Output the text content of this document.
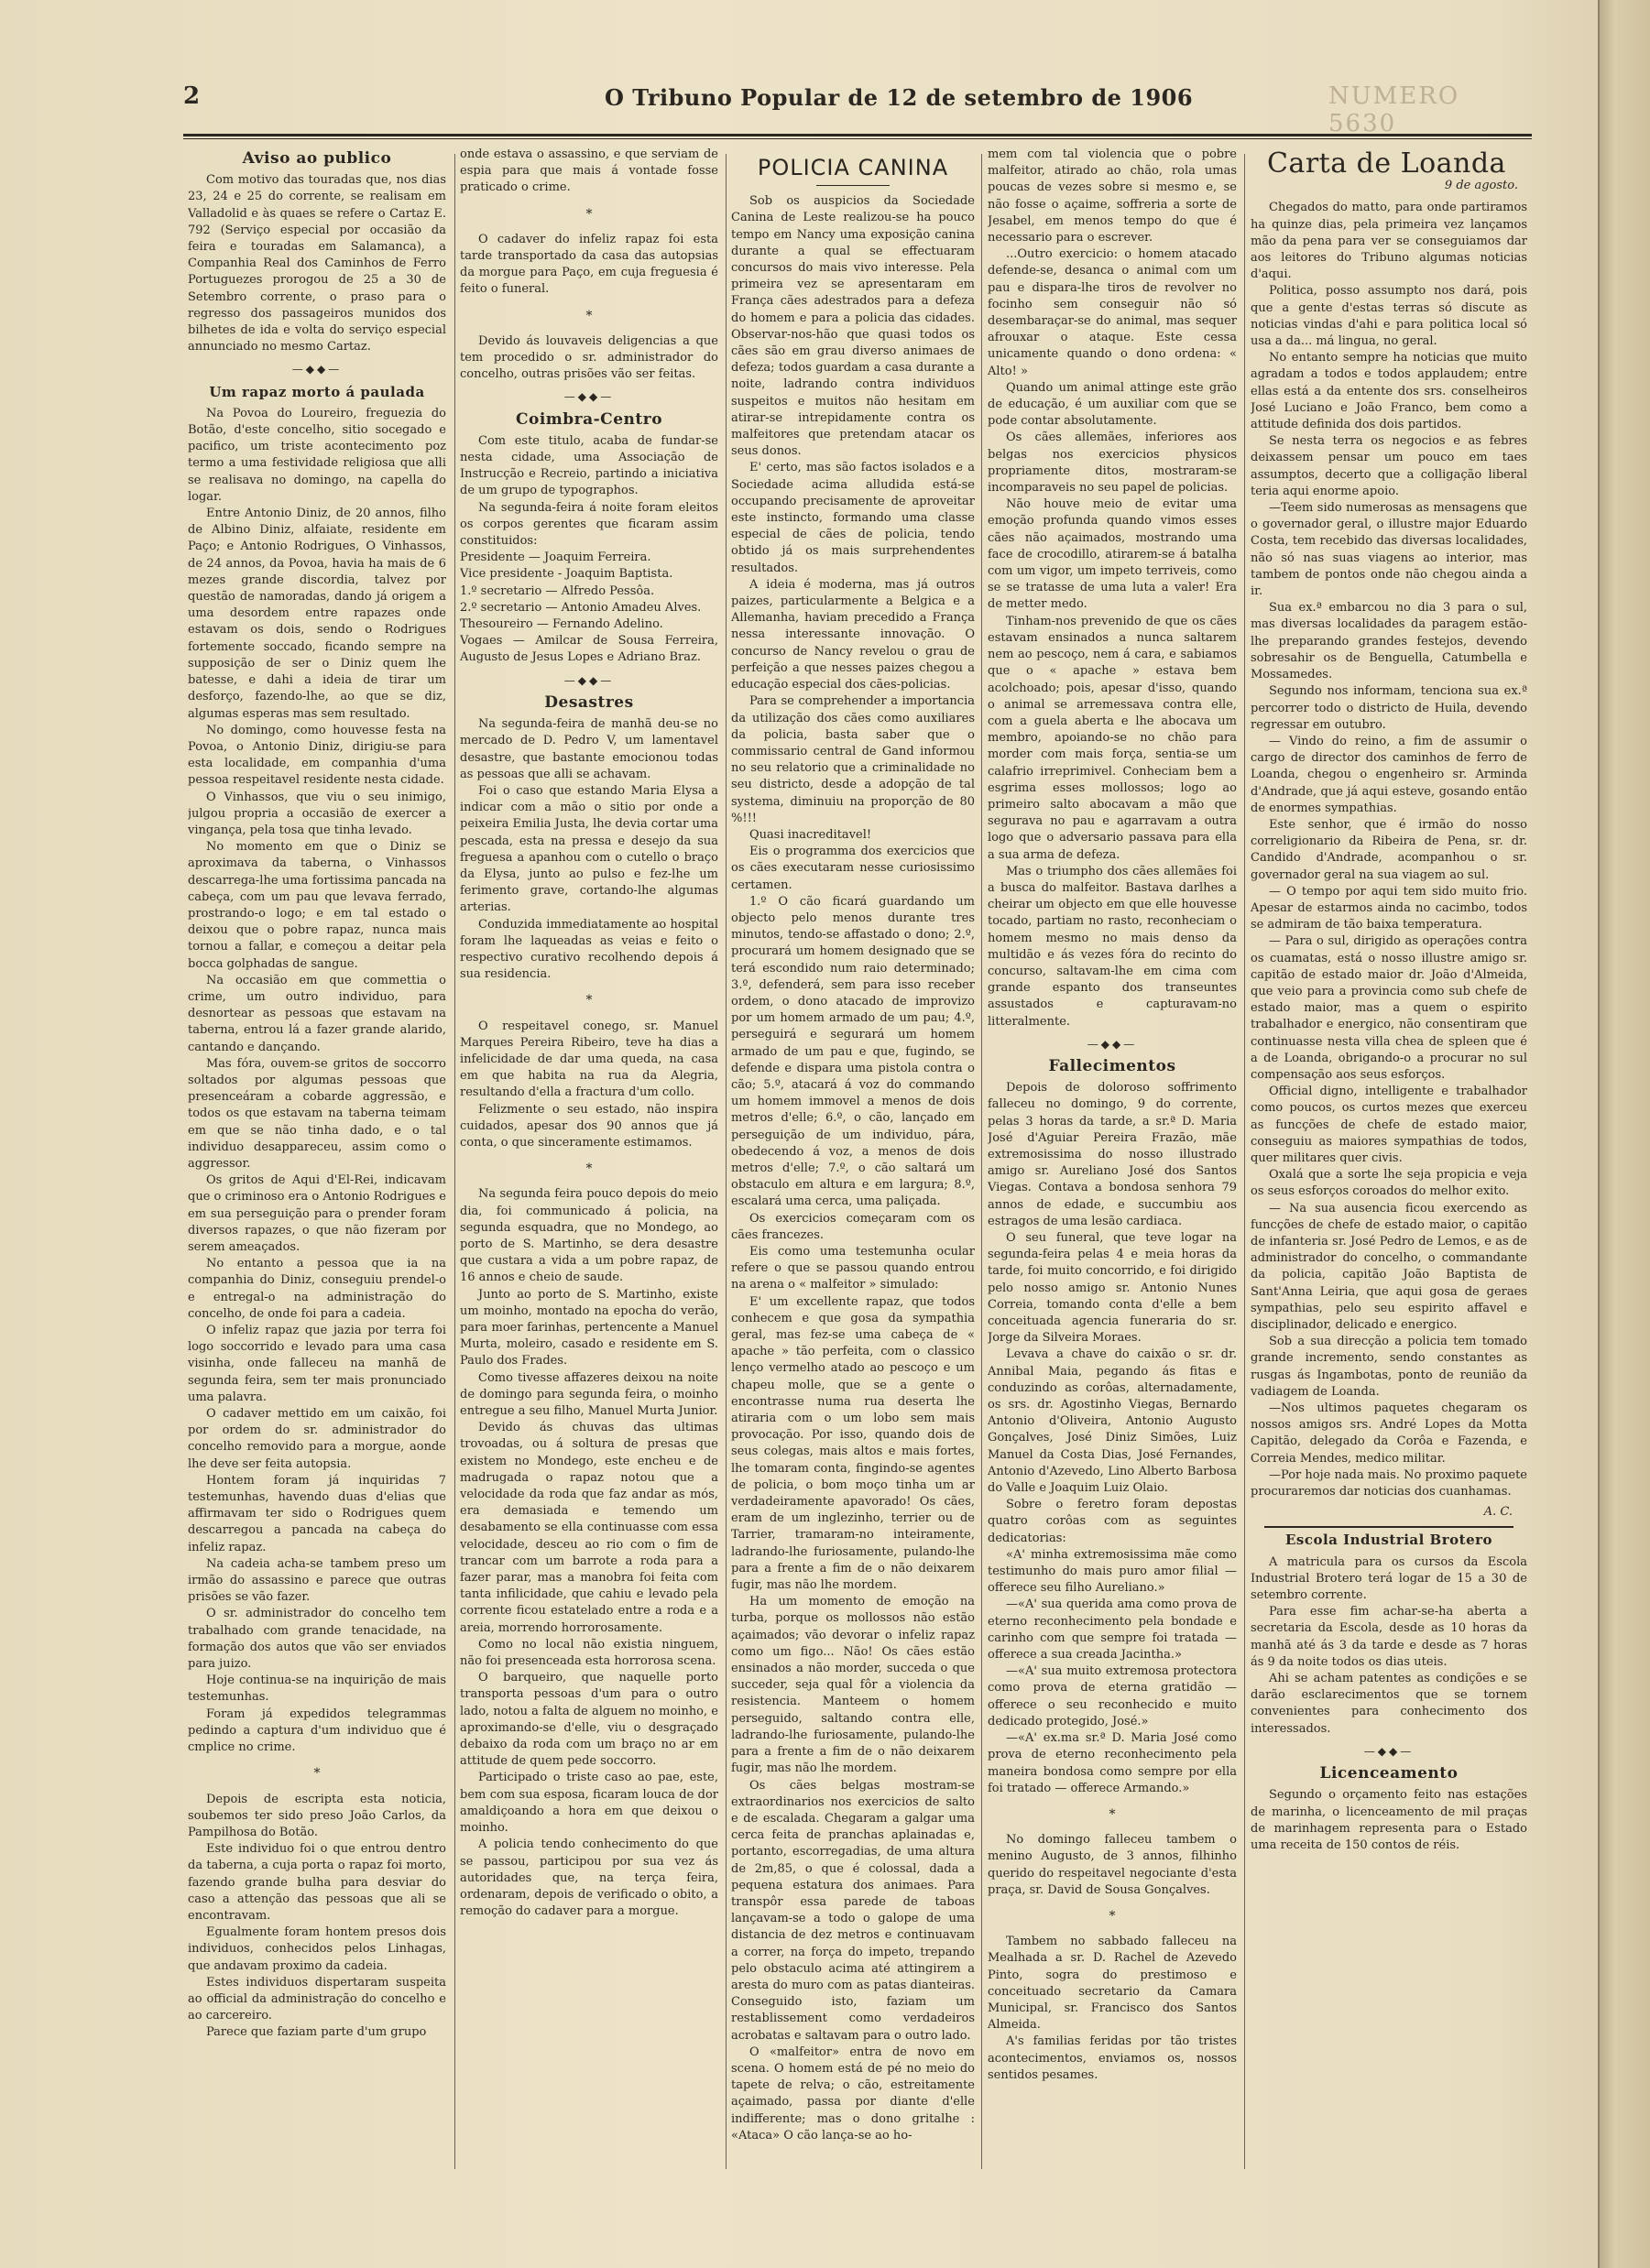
2	O Tribuno Popular de 12 de setembro de 1906	NUMERO 5630
Aviso ao publico

Com motivo das touradas que, nos dias 23, 24 e 25 do corrente, se realisam em Valladolid e às quaes se refere o Cartaz E. 792 (Serviço especial por occasião da feira e touradas em Salamanca), a Companhia Real dos Caminhos de Ferro Portuguezes prorogou de 25 a 30 de Setembro corrente, o praso para o regresso dos passageiros munidos dos bilhetes de ida e volta do serviço especial annunciado no mesmo Cartaz.

—◆◆—
Um rapaz morto á paulada

Na Povoa do Loureiro, freguezia do Botão, d'este concelho, sitio socegado e pacifico, um triste acontecimento poz termo a uma festividade religiosa que alli se realisava no domingo, na capella do logar.

Entre Antonio Diniz, de 20 annos, filho de Albino Diniz, alfaiate, residente em Paço; e Antonio Rodrigues, O Vinhassos, de 24 annos, da Povoa, havia ha mais de 6 mezes grande discordia, talvez por questão de namoradas, dando já origem a uma desordem entre rapazes onde estavam os dois, sendo o Rodrigues fortemente soccado, ficando sempre na supposição de ser o Diniz quem lhe batesse, e dahi a ideia de tirar um desforço, fazendo-lhe, ao que se diz, algumas esperas mas sem resultado.

No domingo, como houvesse festa na Povoa, o Antonio Diniz, dirigiu-se para esta localidade, em companhia d'uma pessoa respeitavel residente nesta cidade.

O Vinhassos, que viu o seu inimigo, julgou propria a occasião de exercer a vingança, pela tosa que tinha levado.

No momento em que o Diniz se aproximava da taberna, o Vinhassos descarrega-lhe uma fortissima pancada na cabeça, com um pau que levava ferrado, prostrando-o logo; e em tal estado o deixou que o pobre rapaz, nunca mais tornou a fallar, e começou a deitar pela bocca golphadas de sangue.

Na occasião em que commettia o crime, um outro individuo, para desnortear as pessoas que estavam na taberna, entrou lá a fazer grande alarido, cantando e dançando.

Mas fóra, ouvem-se gritos de soccorro soltados por algumas pessoas que presenceáram a cobarde aggressão, e todos os que estavam na taberna teimam em que se não tinha dado, e o tal individuo desappareceu, assim como o aggressor.

Os gritos de Aqui d'El-Rei, indicavam que o criminoso era o Antonio Rodrigues e em sua perseguição para o prender foram diversos rapazes, o que não fizeram por serem ameaçados.

No entanto a pessoa que ia na companhia do Diniz, conseguiu prendel-o e entregal-o na administração do concelho, de onde foi para a cadeia.

O infeliz rapaz que jazia por terra foi logo soccorrido e levado para uma casa visinha, onde falleceu na manhã de segunda feira, sem ter mais pronunciado uma palavra.

O cadaver mettido em um caixão, foi por ordem do sr. administrador do concelho removido para a morgue, aonde lhe deve ser feita autopsia.

Hontem foram já inquiridas 7 testemunhas, havendo duas d'elias que affirmavam ter sido o Rodrigues quem descarregou a pancada na cabeça do infeliz rapaz.

Na cadeia acha-se tambem preso um irmão do assassino e parece que outras prisões se vão fazer.

O sr. administrador do concelho tem trabalhado com grande tenacidade, na formação dos autos que vão ser enviados para juizo.

Hoje continua-se na inquirição de mais testemunhas.

Foram já expedidos telegrammas pedindo a captura d'um individuo que é cmplice no crime.

*

Depois de escripta esta noticia, soubemos ter sido preso João Carlos, da Pampilhosa do Botão.

Este individuo foi o que entrou dentro da taberna, a cuja porta o rapaz foi morto, fazendo grande bulha para desviar do caso a attenção das pessoas que ali se encontravam.

Egualmente foram hontem presos dois individuos, conhecidos pelos Linhagas, que andavam proximo da cadeia.

Estes individuos dispertaram suspeita ao official da administração do concelho e ao carcereiro.

Parece que faziam parte d'um grupo

onde estava o assassino, e que serviam de espia para que mais á vontade fosse praticado o crime.

*

O cadaver do infeliz rapaz foi esta tarde transportado da casa das autopsias da morgue para Paço, em cuja freguesia é feito o funeral.

*

Devido ás louvaveis deligencias a que tem procedido o sr. administrador do concelho, outras prisões vão ser feitas.

—◆◆—
Coimbra-Centro

Com este titulo, acaba de fundar-se nesta cidade, uma Associação de Instrucção e Recreio, partindo a iniciativa de um grupo de typographos.

Na segunda-feira á noite foram eleitos os corpos gerentes que ficaram assim constituidos:

Presidente — Joaquim Ferreira.

Vice presidente - Joaquim Baptista.

1.º secretario — Alfredo Pessôa.

2.º secretario — Antonio Amadeu Alves.

Thesoureiro — Fernando Adelino.

Vogaes — Amilcar de Sousa Ferreira, Augusto de Jesus Lopes e Adriano Braz.

—◆◆—
Desastres

Na segunda-feira de manhã deu-se no mercado de D. Pedro V, um lamentavel desastre, que bastante emocionou todas as pessoas que alli se achavam.

Foi o caso que estando Maria Elysa a indicar com a mão o sitio por onde a peixeira Emilia Justa, lhe devia cortar uma pescada, esta na pressa e desejo da sua freguesa a apanhou com o cutello o braço da Elysa, junto ao pulso e fez-lhe um ferimento grave, cortando-lhe algumas arterias.

Conduzida immediatamente ao hospital foram lhe laqueadas as veias e feito o respectivo curativo recolhendo depois á sua residencia.

*

O respeitavel conego, sr. Manuel Marques Pereira Ribeiro, teve ha dias a infelicidade de dar uma queda, na casa em que habita na rua da Alegria, resultando d'ella a fractura d'um collo.

Felizmente o seu estado, não inspira cuidados, apesar dos 90 annos que já conta, o que sinceramente estimamos.

*

Na segunda feira pouco depois do meio dia, foi communicado á policia, na segunda esquadra, que no Mondego, ao porto de S. Martinho, se dera desastre que custara a vida a um pobre rapaz, de 16 annos e cheio de saude.

Junto ao porto de S. Martinho, existe um moinho, montado na epocha do verão, para moer farinhas, pertencente a Manuel Murta, moleiro, casado e residente em S. Paulo dos Frades.

Como tivesse affazeres deixou na noite de domingo para segunda feira, o moinho entregue a seu filho, Manuel Murta Junior.

Devido ás chuvas das ultimas trovoadas, ou á soltura de presas que existem no Mondego, este encheu e de madrugada o rapaz notou que a velocidade da roda que faz andar as mós, era demasiada e temendo um desabamento se ella continuasse com essa velocidade, desceu ao rio com o fim de trancar com um barrote a roda para a fazer parar, mas a manobra foi feita com tanta infilicidade, que cahiu e levado pela corrente ficou estatelado entre a roda e a areia, morrendo horrorosamente.

Como no local não existia ninguem, não foi presenceada esta horrorosa scena.

O barqueiro, que naquelle porto transporta pessoas d'um para o outro lado, notou a falta de alguem no moinho, e aproximando-se d'elle, viu o desgraçado debaixo da roda com um braço no ar em attitude de quem pede soccorro.

Participado o triste caso ao pae, este, bem com sua esposa, ficaram louca de dor amaldiçoando a hora em que deixou o moinho.

A policia tendo conhecimento do que se passou, participou por sua vez ás autoridades que, na terça feira, ordenaram, depois de verificado o obito, a remoção do cadaver para a morgue.

POLICIA CANINA

Sob os auspicios da Sociedade Canina de Leste realizou-se ha pouco tempo em Nancy uma exposição canina durante a qual se effectuaram concursos do mais vivo interesse. Pela primeira vez se apresentaram em França cães adestrados para a defeza do homem e para a policia das cidades. Observar-nos-hão que quasi todos os cães são em grau diverso animaes de defeza; todos guardam a casa durante a noite, ladrando contra individuos suspeitos e muitos não hesitam em atirar-se intrepidamente contra os malfeitores que pretendam atacar os seus donos.

E' certo, mas são factos isolados e a Sociedade acima alludida está-se occupando precisamente de aproveitar este instincto, formando uma classe especial de cães de policia, tendo obtido já os mais surprehendentes resultados.

A ideia é moderna, mas já outros paizes, particularmente a Belgica e a Allemanha, haviam precedido a França nessa interessante innovação. O concurso de Nancy revelou o grau de perfeição a que nesses paizes chegou a educação especial dos cães-policias.

Para se comprehender a importancia da utilização dos cães como auxiliares da policia, basta saber que o commissario central de Gand informou no seu relatorio que a criminalidade no seu districto, desde a adopção de tal systema, diminuiu na proporção de 80 %!!!

Quasi inacreditavel!

Eis o programma dos exercicios que os cães executaram nesse curiosissimo certamen.

1.º O cão ficará guardando um objecto pelo menos durante tres minutos, tendo-se affastado o dono; 2.º, procurará um homem designado que se terá escondido num raio determinado; 3.º, defenderá, sem para isso receber ordem, o dono atacado de improvizo por um homem armado de um pau; 4.º, perseguirá e segurará um homem armado de um pau e que, fugindo, se defende e dispara uma pistola contra o cão; 5.º, atacará á voz do commando um homem immovel a menos de dois metros d'elle; 6.º, o cão, lançado em perseguição de um individuo, pára, obedecendo á voz, a menos de dois metros d'elle; 7.º, o cão saltará um obstaculo em altura e em largura; 8.º, escalará uma cerca, uma paliçada.

Os exercicios começaram com os cães francezes.

Eis como uma testemunha ocular refere o que se passou quando entrou na arena o « malfeitor » simulado:

E' um excellente rapaz, que todos conhecem e que gosa da sympathia geral, mas fez-se uma cabeça de « apache » tão perfeita, com o classico lenço vermelho atado ao pescoço e um chapeu molle, que se a gente o encontrasse numa rua deserta lhe atiraria com o um lobo sem mais provocação. Por isso, quando dois de seus colegas, mais altos e mais fortes, lhe tomaram conta, fingindo-se agentes de policia, o bom moço tinha um ar verdadeiramente apavorado! Os cães, eram de um inglezinho, terrier ou de Tarrier, tramaram-no inteiramente, ladrando-lhe furiosamente, pulando-lhe para a frente a fim de o não deixarem fugir, mas não lhe mordem.

Ha um momento de emoção na turba, porque os mollossos não estão açaimados; vão devorar o infeliz rapaz como um figo... Não! Os cães estão ensinados a não morder, succeda o que succeder, seja qual fôr a violencia da resistencia. Manteem o homem perseguido, saltando contra elle, ladrando-lhe furiosamente, pulando-lhe para a frente a fim de o não deixarem fugir, mas não lhe mordem.

Os cães belgas mostram-se extraordinarios nos exercicios de salto e de escalada. Chegaram a galgar uma cerca feita de pranchas aplainadas e, portanto, escorregadias, de uma altura de 2m,85, o que é colossal, dada a pequena estatura dos animaes. Para transpôr essa parede de taboas lançavam-se a todo o galope de uma distancia de dez metros e continuavam a correr, na força do impeto, trepando pelo obstaculo acima até attingirem a aresta do muro com as patas dianteiras. Conseguido isto, faziam um restablissement como verdadeiros acrobatas e saltavam para o outro lado.

O «malfeitor» entra de novo em scena. O homem está de pé no meio do tapete de relva; o cão, estreitamente açaimado, passa por diante d'elle indifferente; mas o dono gritalhe : «Ataca» O cão lança-se ao ho-

mem com tal violencia que o pobre malfeitor, atirado ao chão, rola umas poucas de vezes sobre si mesmo e, se não fosse o açaime, soffreria a sorte de Jesabel, em menos tempo do que é necessario para o escrever.

...Outro exercicio: o homem atacado defende-se, desanca o animal com um pau e dispara-lhe tiros de revolver no focinho sem conseguir não só desembaraçar-se do animal, mas sequer afrouxar o ataque. Este cessa unicamente quando o dono ordena: « Alto! »

Quando um animal attinge este grão de educação, é um auxiliar com que se pode contar absolutamente.

Os cães allemães, inferiores aos belgas nos exercicios physicos propriamente ditos, mostraram-se incomparaveis no seu papel de policias.

Não houve meio de evitar uma emoção profunda quando vimos esses cães não açaimados, mostrando uma face de crocodillo, atirarem-se á batalha com um vigor, um impeto terriveis, como se se tratasse de uma luta a valer! Era de metter medo.

Tinham-nos prevenido de que os cães estavam ensinados a nunca saltarem nem ao pescoço, nem á cara, e sabiamos que o « apache » estava bem acolchoado; pois, apesar d'isso, quando o animal se arremessava contra elle, com a guela aberta e lhe abocava um membro, apoiando-se no chão para morder com mais força, sentia-se um calafrio irreprimivel. Conheciam bem a esgrima esses mollossos; logo ao primeiro salto abocavam a mão que segurava no pau e agarravam a outra logo que o adversario passava para ella a sua arma de defeza.

Mas o triumpho dos cães allemães foi a busca do malfeitor. Bastava darlhes a cheirar um objecto em que elle houvesse tocado, partiam no rasto, reconheciam o homem mesmo no mais denso da multidão e ás vezes fóra do recinto do concurso, saltavam-lhe em cima com grande espanto dos transeuntes assustados e capturavam-no litteralmente.

—◆◆—
Fallecimentos

Depois de doloroso soffrimento falleceu no domingo, 9 do corrente, pelas 3 horas da tarde, a sr.ª D. Maria José d'Aguiar Pereira Frazão, mãe extremosissima do nosso illustrado amigo sr. Aureliano José dos Santos Viegas. Contava a bondosa senhora 79 annos de edade, e succumbiu aos estragos de uma lesão cardiaca.

O seu funeral, que teve logar na segunda-feira pelas 4 e meia horas da tarde, foi muito concorrido, e foi dirigido pelo nosso amigo sr. Antonio Nunes Correia, tomando conta d'elle a bem conceituada agencia funeraria do sr. Jorge da Silveira Moraes.

Levava a chave do caixão o sr. dr. Annibal Maia, pegando ás fitas e conduzindo as corôas, alternadamente, os srs. dr. Agostinho Viegas, Bernardo Antonio d'Oliveira, Antonio Augusto Gonçalves, José Diniz Simões, Luiz Manuel da Costa Dias, José Fernandes, Antonio d'Azevedo, Lino Alberto Barbosa do Valle e Joaquim Luiz Olaio.

Sobre o feretro foram depostas quatro corôas com as seguintes dedicatorias:

«A' minha extremosissima mãe como testimunho do mais puro amor filial — offerece seu filho Aureliano.»

—«A' sua querida ama como prova de eterno reconhecimento pela bondade e carinho com que sempre foi tratada — offerece a sua creada Jacintha.»

—«A' sua muito extremosa protectora como prova de eterna gratidão — offerece o seu reconhecido e muito dedicado protegido, José.»

—«A' ex.ma sr.ª D. Maria José como prova de eterno reconhecimento pela maneira bondosa como sempre por ella foi tratado — offerece Armando.»

*

No domingo falleceu tambem o menino Augusto, de 3 annos, filhinho querido do respeitavel negociante d'esta praça, sr. David de Sousa Gonçalves.

*

Tambem no sabbado falleceu na Mealhada a sr. D. Rachel de Azevedo Pinto, sogra do prestimoso e conceituado secretario da Camara Municipal, sr. Francisco dos Santos Almeida.

A's familias feridas por tão tristes acontecimentos, enviamos os, nossos sentidos pesames.

Carta de Loanda
9 de agosto.

Chegados do matto, para onde partiramos ha quinze dias, pela primeira vez lançamos mão da pena para ver se conseguiamos dar aos leitores do Tribuno algumas noticias d'aqui.

Politica, posso assumpto nos dará, pois que a gente d'estas terras só discute as noticias vindas d'ahi e para politica local só usa a da... má lingua, no geral.

No entanto sempre ha noticias que muito agradam a todos e todos applaudem; entre ellas está a da entente dos srs. conselheiros José Luciano e João Franco, bem como a attitude definida dos dois partidos.

Se nesta terra os negocios e as febres deixassem pensar um pouco em taes assumptos, decerto que a colligação liberal teria aqui enorme apoio.

—Teem sido numerosas as mensagens que o governador geral, o illustre major Eduardo Costa, tem recebido das diversas localidades, não só nas suas viagens ao interior, mas tambem de pontos onde não chegou ainda a ir.

Sua ex.ª embarcou no dia 3 para o sul, mas diversas localidades da paragem estão-lhe preparando grandes festejos, devendo sobresahir os de Benguella, Catumbella e Mossamedes.

Segundo nos informam, tenciona sua ex.ª percorrer todo o districto de Huila, devendo regressar em outubro.

— Vindo do reino, a fim de assumir o cargo de director dos caminhos de ferro de Loanda, chegou o engenheiro sr. Arminda d'Andrade, que já aqui esteve, gosando então de enormes sympathias.

Este senhor, que é irmão do nosso correligionario da Ribeira de Pena, sr. dr. Candido d'Andrade, acompanhou o sr. governador geral na sua viagem ao sul.

— O tempo por aqui tem sido muito frio. Apesar de estarmos ainda no cacimbo, todos se admiram de tão baixa temperatura.

— Para o sul, dirigido as operações contra os cuamatas, está o nosso illustre amigo sr. capitão de estado maior dr. João d'Almeida, que veio para a provincia como sub chefe de estado maior, mas a quem o espirito trabalhador e energico, não consentiram que continuasse nesta villa chea de spleen que é a de Loanda, obrigando-o a procurar no sul compensação aos seus esforços.

Official digno, intelligente e trabalhador como poucos, os curtos mezes que exerceu as funcções de chefe de estado maior, conseguiu as maiores sympathias de todos, quer militares quer civis.

Oxalá que a sorte lhe seja propicia e veja os seus esforços coroados do melhor exito.

— Na sua ausencia ficou exercendo as funcções de chefe de estado maior, o capitão de infanteria sr. José Pedro de Lemos, e as de administrador do concelho, o commandante da policia, capitão João Baptista de Sant'Anna Leiria, que aqui gosa de geraes sympathias, pelo seu espirito affavel e disciplinador, delicado e energico.

Sob a sua direcção a policia tem tomado grande incremento, sendo constantes as rusgas ás Ingambotas, ponto de reunião da vadiagem de Loanda.

—Nos ultimos paquetes chegaram os nossos amigos srs. André Lopes da Motta Capitão, delegado da Corôa e Fazenda, e Correia Mendes, medico militar.

—Por hoje nada mais. No proximo paquete procuraremos dar noticias dos cuanhamas.

A. C.
Escola Industrial Brotero

A matricula para os cursos da Escola Industrial Brotero terá logar de 15 a 30 de setembro corrente.

Para esse fim achar-se-ha aberta a secretaria da Escola, desde as 10 horas da manhã até ás 3 da tarde e desde as 7 horas ás 9 da noite todos os dias uteis.

Ahi se acham patentes as condições e se darão esclarecimentos que se tornem convenientes para conhecimento dos interessados.

—◆◆—
Licenceamento

Segundo o orçamento feito nas estações de marinha, o licenceamento de mil praças de marinhagem representa para o Estado uma receita de 150 contos de réis.
